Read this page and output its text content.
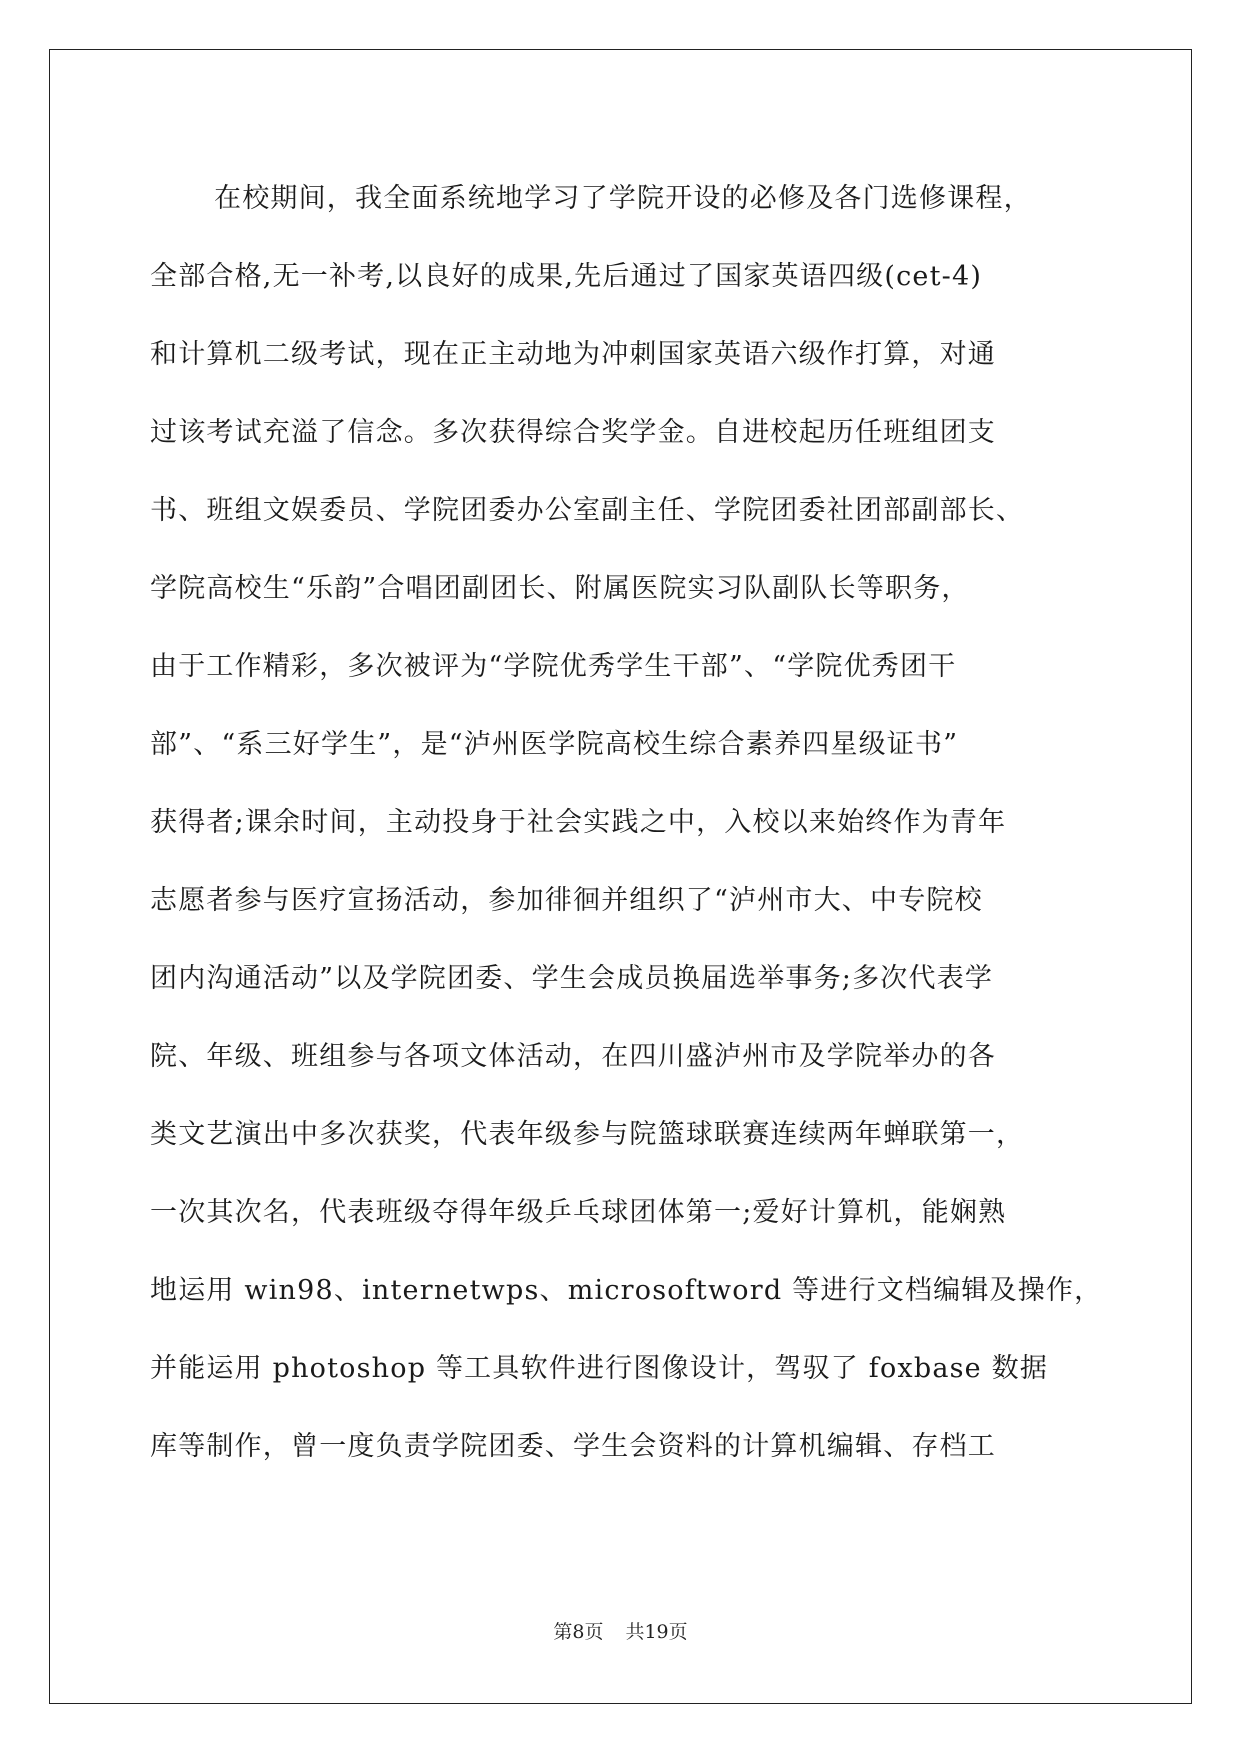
在校期间，我全面系统地学习了学院开设的必修及各门选修课程，
全部合格,无一补考,以良好的成果,先后通过了国家英语四级(cet-4)
和计算机二级考试，现在正主动地为冲刺国家英语六级作打算，对通
过该考试充溢了信念。多次获得综合奖学金。自进校起历任班组团支
书、班组文娱委员、学院团委办公室副主任、学院团委社团部副部长、
学院高校生“乐韵”合唱团副团长、附属医院实习队副队长等职务，
由于工作精彩，多次被评为“学院优秀学生干部”、“学院优秀团干
部”、“系三好学生”，是“泸州医学院高校生综合素养四星级证书”
获得者;课余时间，主动投身于社会实践之中，入校以来始终作为青年
志愿者参与医疗宣扬活动，参加徘徊并组织了“泸州市大、中专院校
团内沟通活动”以及学院团委、学生会成员换届选举事务;多次代表学
院、年级、班组参与各项文体活动，在四川盛泸州市及学院举办的各
类文艺演出中多次获奖，代表年级参与院篮球联赛连续两年蝉联第一，
一次其次名，代表班级夺得年级乒乓球团体第一;爱好计算机，能娴熟
地运用 win98、internetwps、microsoftword 等进行文档编辑及操作，
并能运用 photoshop 等工具软件进行图像设计，驾驭了 foxbase 数据
库等制作，曾一度负责学院团委、学生会资料的计算机编辑、存档工
第8页 共19页
